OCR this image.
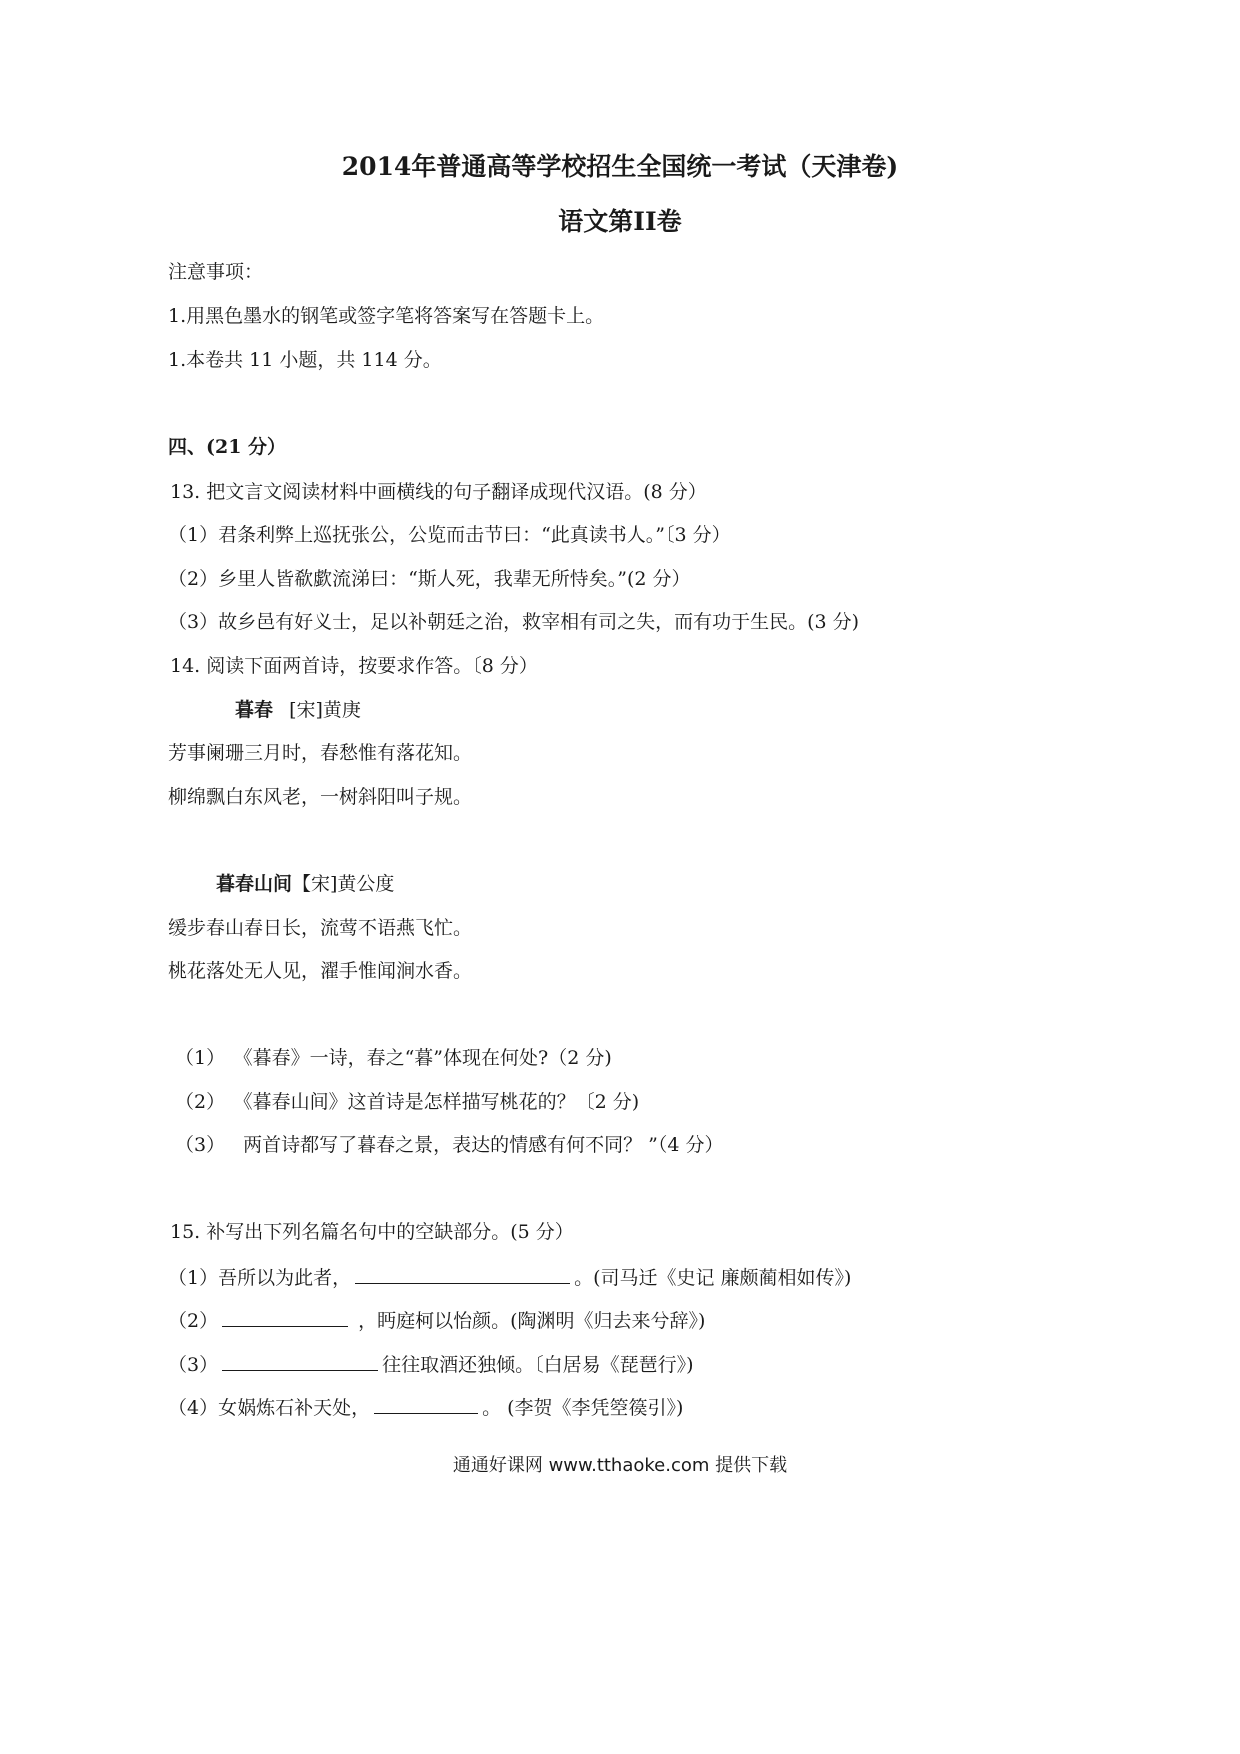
2014年普通高等学校招生全国统一考试（天津卷)
语文第II卷
注意事项：
1.用黑色墨水的钢笔或签字笔将答案写在答题卡上。
1.本卷共 11 小题，共 114 分。
四、(21 分）
13. 把文言文阅读材料中画横线的句子翻译成现代汉语。(8 分）
（1）君条利弊上巡抚张公，公览而击节曰：“此真读书人。”〔3 分）
（2）乡里人皆欷歔流涕曰：“斯人死，我辈无所恃矣。”(2 分）
（3）故乡邑有好义士，足以补朝廷之治，救宰相有司之失，而有功于生民。(3 分)
14. 阅读下面两首诗，按要求作答。〔8 分）
暮春 [宋]黄庚
芳事阑珊三月时，春愁惟有落花知。
柳绵飘白东风老，一树斜阳叫子规。
暮春山间【宋]黄公度
缓步春山春日长，流莺不语燕飞忙。
桃花落处无人见，濯手惟闻涧水香。
（1） 《暮春》一诗，春之“暮”体现在何处?（2 分)
（2） 《暮春山间》这首诗是怎样描写桃花的？〔2 分)
（3） 两首诗都写了暮春之景，表达的情感有何不同？ ”（4 分）
15. 补写出下列名篇名句中的空缺部分。(5 分）
（1）吾所以为此者，	。(司马迁《史记 廉颇蔺相如传》)
（2）	，眄庭柯以怡颜。(陶渊明《归去来兮辞》)
（3）	往往取酒还独倾。〔白居易《琵琶行》)
（4）女娲炼石补天处，	。 (李贺《李凭箜篌引》)
通通好课网 www.tthaoke.com 提供下载
